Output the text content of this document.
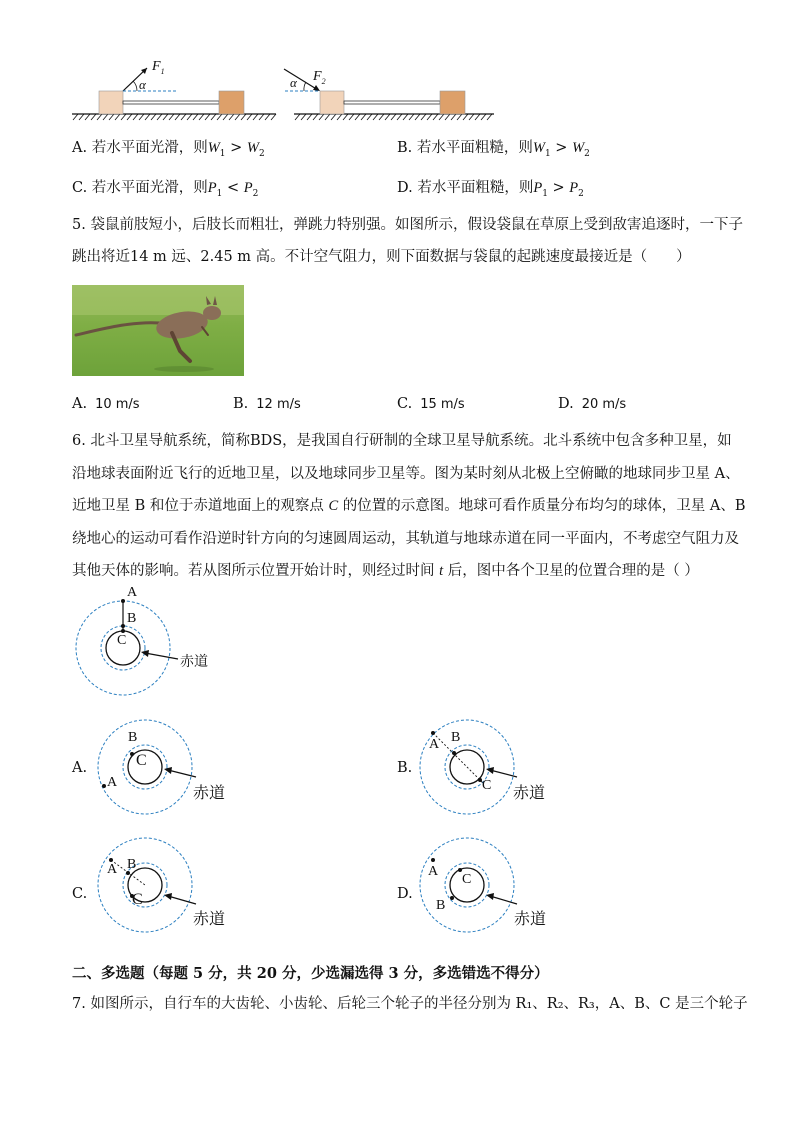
$F_1$
α
$F_2$
α
A. 若水平面光滑，则$W_1 > W_2$	B. 若水平面粗糙，则$W_1 > W_2$
C. 若水平面光滑，则$P_1 < P_2$	D. 若水平面粗糙，则$P_1 > P_2$
5. 袋鼠前肢短小，后肢长而粗壮，弹跳力特别强。如图所示，假设袋鼠在草原上受到敌害追逐时，一下子
跳出将近14 m 远、2.45 m 高。不计空气阻力，则下面数据与袋鼠的起跳速度最接近是（　　）
A. 10 m/s	B. 12 m/s	C. 15 m/s	D. 20 m/s
6. 北斗卫星导航系统，简称BDS，是我国自行研制的全球卫星导航系统。北斗系统中包含多种卫星，如
沿地球表面附近飞行的近地卫星，以及地球同步卫星等。图为某时刻从北极上空俯瞰的地球同步卫星 A、
近地卫星 B 和位于赤道地面上的观察点 C 的位置的示意图。地球可看作质量分布均匀的球体，卫星 A、B
绕地心的运动可看作沿逆时针方向的匀速圆周运动，其轨道与地球赤道在同一平面内，不考虑空气阻力及
其他天体的影响。若从图所示位置开始计时，则经过时间 t 后，图中各个卫星的位置合理的是（ ）
A
B
C
赤道
A.
B
C
A
赤道
B.
A B
C 赤道
C.
A B
C
赤道
D.
A
C
B
赤道
二、多选题（每题 5 分，共 20 分，少选漏选得 3 分，多选错选不得分）
7. 如图所示，自行车的大齿轮、小齿轮、后轮三个轮子的半径分别为 R₁、R₂、R₃，A、B、C 是三个轮子
